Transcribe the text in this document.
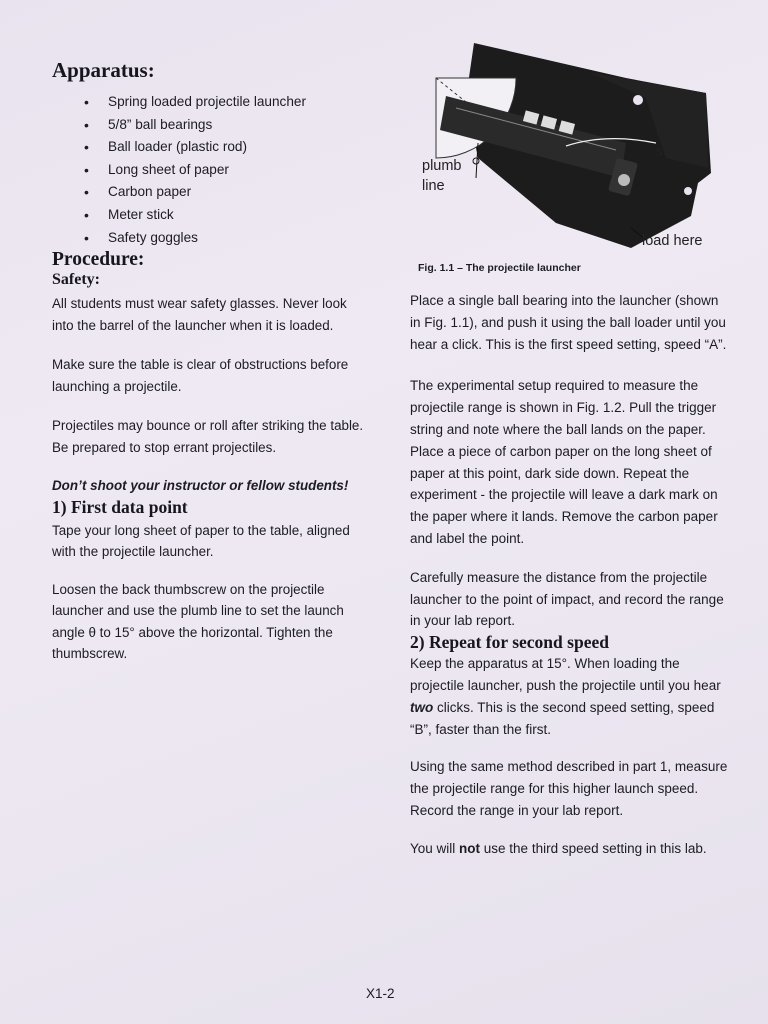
Apparatus:
• Spring loaded projectile launcher
• 5/8” ball bearings
• Ball loader (plastic rod)
• Long sheet of paper
• Carbon paper
• Meter stick
• Safety goggles
Procedure:
Safety:

All students must wear safety glasses. Never look into the barrel of the launcher when it is loaded.

Make sure the table is clear of obstructions before launching a projectile.

Projectiles may bounce or roll after striking the table. Be prepared to stop errant projectiles.

Don’t shoot your instructor or fellow students!

1) First data point

Tape your long sheet of paper to the table, aligned with the projectile launcher.

Loosen the back thumbscrew on the projectile launcher and use the plumb line to set the launch angle θ to 15° above the horizontal. Tighten the thumbscrew.

trigger string
plumb line
load here
Fig. 1.1 – The projectile launcher

Place a single ball bearing into the launcher (shown in Fig. 1.1), and push it using the ball loader until you hear a click. This is the first speed setting, speed “A”.

The experimental setup required to measure the projectile range is shown in Fig. 1.2. Pull the trigger string and note where the ball lands on the paper. Place a piece of carbon paper on the long sheet of paper at this point, dark side down. Repeat the experiment - the projectile will leave a dark mark on the paper where it lands. Remove the carbon paper and label the point.

Carefully measure the distance from the projectile launcher to the point of impact, and record the range in your lab report.

2) Repeat for second speed

Keep the apparatus at 15°. When loading the projectile launcher, push the projectile until you hear two clicks. This is the second speed setting, speed “B”, faster than the first.

Using the same method described in part 1, measure the projectile range for this higher launch speed. Record the range in your lab report.

You will not use the third speed setting in this lab.

X1-2
